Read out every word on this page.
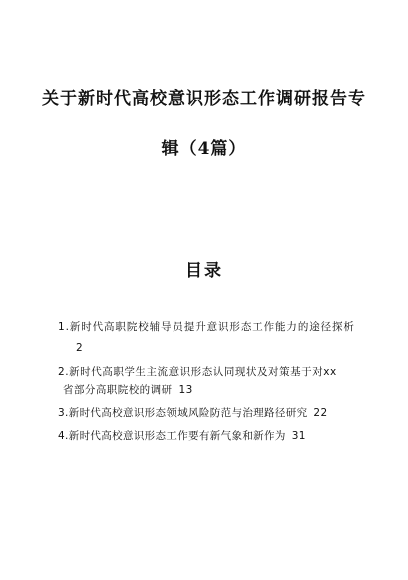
关于新时代高校意识形态工作调研报告专
辑（4篇）
目录
1.新时代高职院校辅导员提升意识形态工作能力的途径探析
2
2.新时代高职学生主流意识形态认同现状及对策基于对xx
省部分高职院校的调研 13
3.新时代高校意识形态领域风险防范与治理路径研究 22
4.新时代高校意识形态工作要有新气象和新作为 31
